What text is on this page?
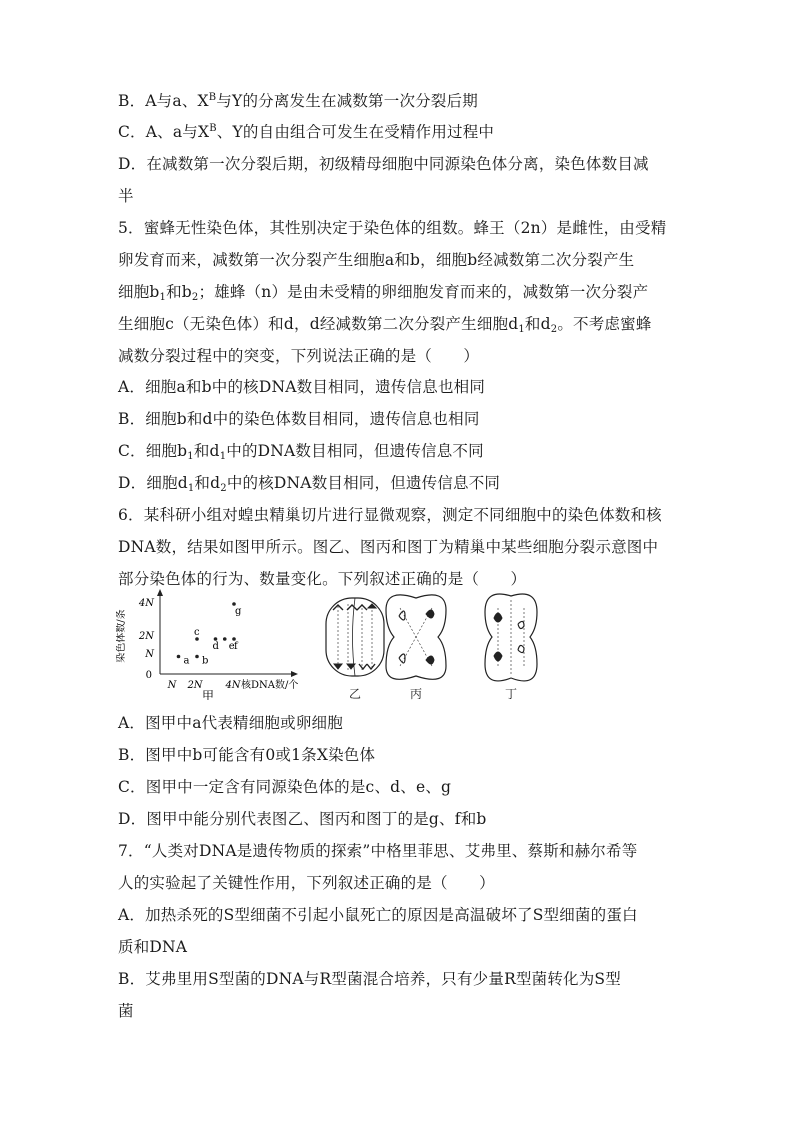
B．A与a、$X^B$与Y的分离发生在减数第一次分裂后期
C．A、a与$X^B$、Y的自由组合可发生在受精作用过程中
D．在减数第一次分裂后期，初级精母细胞中同源染色体分离，染色体数目减
半
5．蜜蜂无性染色体，其性别决定于染色体的组数。蜂王（2n）是雌性，由受精
卵发育而来，减数第一次分裂产生细胞a和b，细胞b经减数第二次分裂产生
细胞$b_1$和$b_2$；雄蜂（n）是由未受精的卵细胞发育而来的，减数第一次分裂产
生细胞c（无染色体）和d，d经减数第二次分裂产生细胞$d_1$和$d_2$。不考虑蜜蜂
减数分裂过程中的突变，下列说法正确的是（　　）
A．细胞a和b中的核DNA数目相同，遗传信息也相同
B．细胞b和d中的染色体数目相同，遗传信息也相同
C．细胞$b_1$和$d_1$中的DNA数目相同，但遗传信息不同
D．细胞$d_1$和$d_2$中的核DNA数目相同，但遗传信息不同
6．某科研小组对蝗虫精巢切片进行显微观察，测定不同细胞中的染色体数和核
DNA数，结果如图甲所示。图乙、图丙和图丁为精巢中某些细胞分裂示意图中
部分染色体的行为、数量变化。下列叙述正确的是（　　）
染色体数/条
4N
2N
N
0
N 2N 4N 核DNA数/个
a b
c
d e f
g
甲	乙	丙	丁
A．图甲中a代表精细胞或卵细胞
B．图甲中b可能含有0或1条X染色体
C．图甲中一定含有同源染色体的是c、d、e、g
D．图甲中能分别代表图乙、图丙和图丁的是g、f和b
7．“人类对DNA是遗传物质的探索”中格里菲思、艾弗里、蔡斯和赫尔希等
人的实验起了关键性作用，下列叙述正确的是（　　）
A．加热杀死的S型细菌不引起小鼠死亡的原因是高温破坏了S型细菌的蛋白
质和DNA
B．艾弗里用S型菌的DNA与R型菌混合培养，只有少量R型菌转化为S型
菌
